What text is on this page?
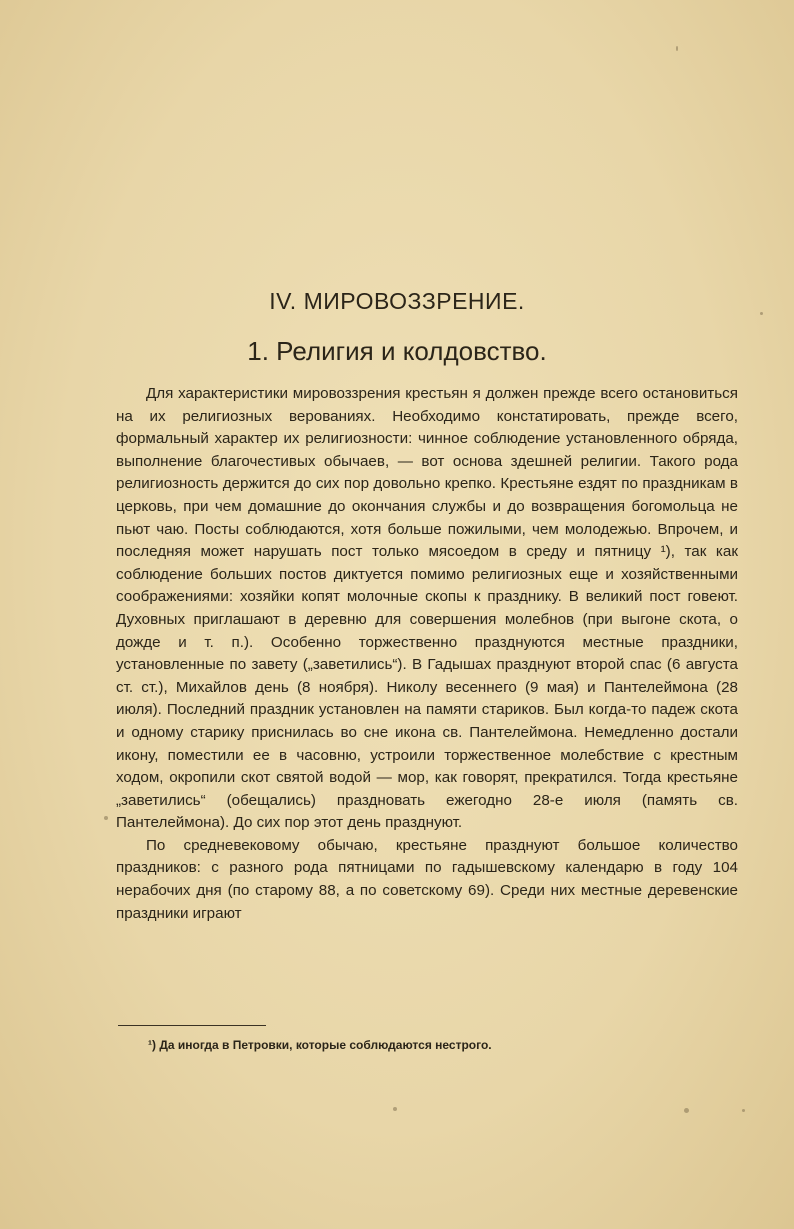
IV. МИРОВОЗЗРЕНИЕ.
1. Религия и колдовство.

Для характеристики мировоззрения крестьян я должен прежде всего остановиться на их религиозных верованиях. Необходимо констатировать, прежде всего, формальный характер их религиозности: чинное соблюдение установленного обряда, выполнение благочестивых обычаев, — вот основа здешней религии. Такого рода религиозность держится до сих пор довольно крепко. Крестьяне ездят по праздникам в церковь, при чем домашние до окончания службы и до возвращения богомольца не пьют чаю. Посты соблюдаются, хотя больше пожилыми, чем молодежью. Впрочем, и последняя может нарушать пост только мясоедом в среду и пятницу ¹), так как соблюдение больших постов диктуется помимо религиозных еще и хозяйственными соображениями: хозяйки копят молочные скопы к празднику. В великий пост говеют. Духовных приглашают в деревню для совершения молебнов (при выгоне скота, о дожде и т. п.). Особенно торжественно празднуются местные праздники, установленные по завету („заветились“). В Гадышах празднуют второй спас (6 августа ст. ст.), Михайлов день (8 ноября). Николу весеннего (9 мая) и Пантелеймона (28 июля). Последний праздник установлен на памяти стариков. Был когда-то падеж скота и одному старику приснилась во сне икона св. Пантелеймона. Немедленно достали икону, поместили ее в часовню, устроили торжественное молебствие с крестным ходом, окропили скот святой водой — мор, как говорят, прекратился. Тогда крестьяне „заветились“ (обещались) праздновать ежегодно 28-е июля (память св. Пантелеймона). До сих пор этот день празднуют.

По средневековому обычаю, крестьяне празднуют большое количество праздников: с разного рода пятницами по гадышевскому календарю в году 104 нерабочих дня (по старому 88, а по советскому 69). Среди них местные деревенские праздники играют

¹) Да иногда в Петровки, которые соблюдаются нестрого.
